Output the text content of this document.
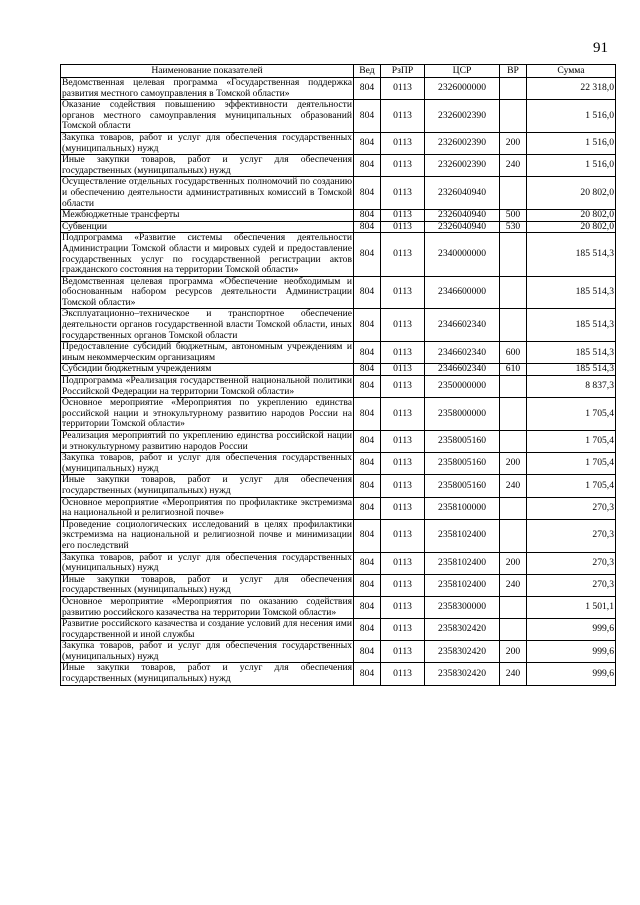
91
Наименование показателей	Вед	РзПР	ЦСР	ВР	Сумма
Ведомственная целевая программа «Государственная поддержка развития местного самоуправления в Томской области»	804	0113	2326000000		22 318,0
Оказание содействия повышению эффективности деятельности органов местного самоуправления муниципальных образований Томской области	804	0113	2326002390		1 516,0
Закупка товаров, работ и услуг для обеспечения государственных (муниципальных) нужд	804	0113	2326002390	200	1 516,0
Иные закупки товаров, работ и услуг для обеспечения государственных (муниципальных) нужд	804	0113	2326002390	240	1 516,0
Осуществление отдельных государственных полномочий по созданию и обеспечению деятельности административных комиссий в Томской области	804	0113	2326040940		20 802,0
Межбюджетные трансферты	804	0113	2326040940	500	20 802,0
Субвенции	804	0113	2326040940	530	20 802,0
Подпрограмма «Развитие системы обеспечения деятельности Администрации Томской области и мировых судей и предоставление государственных услуг по государственной регистрации актов гражданского состояния на территории Томской области»	804	0113	2340000000		185 514,3
Ведомственная целевая программа «Обеспечение необходимым и обоснованным набором ресурсов деятельности Администрации Томской области»	804	0113	2346600000		185 514,3
Эксплуатационно–техническое и транспортное обеспечение деятельности органов государственной власти Томской области, иных государственных органов Томской области	804	0113	2346602340		185 514,3
Предоставление субсидий бюджетным, автономным учреждениям и иным некоммерческим организациям	804	0113	2346602340	600	185 514,3
Субсидии бюджетным учреждениям	804	0113	2346602340	610	185 514,3
Подпрограмма «Реализация государственной национальной политики Российской Федерации на территории Томской области»	804	0113	2350000000		8 837,3
Основное мероприятие «Мероприятия по укреплению единства российской нации и этнокультурному развитию народов России на территории Томской области»	804	0113	2358000000		1 705,4
Реализация мероприятий по укреплению единства российской нации и этнокультурному развитию народов России	804	0113	2358005160		1 705,4
Закупка товаров, работ и услуг для обеспечения государственных (муниципальных) нужд	804	0113	2358005160	200	1 705,4
Иные закупки товаров, работ и услуг для обеспечения государственных (муниципальных) нужд	804	0113	2358005160	240	1 705,4
Основное мероприятие «Мероприятия по профилактике экстремизма на национальной и религиозной почве»	804	0113	2358100000		270,3
Проведение социологических исследований в целях профилактики экстремизма на национальной и религиозной почве и минимизации его последствий	804	0113	2358102400		270,3
Закупка товаров, работ и услуг для обеспечения государственных (муниципальных) нужд	804	0113	2358102400	200	270,3
Иные закупки товаров, работ и услуг для обеспечения государственных (муниципальных) нужд	804	0113	2358102400	240	270,3
Основное мероприятие «Мероприятия по оказанию содействия развитию российского казачества на территории Томской области»	804	0113	2358300000		1 501,1
Развитие российского казачества и создание условий для несения ими государственной и иной службы	804	0113	2358302420		999,6
Закупка товаров, работ и услуг для обеспечения государственных (муниципальных) нужд	804	0113	2358302420	200	999,6
Иные закупки товаров, работ и услуг для обеспечения государственных (муниципальных) нужд	804	0113	2358302420	240	999,6
